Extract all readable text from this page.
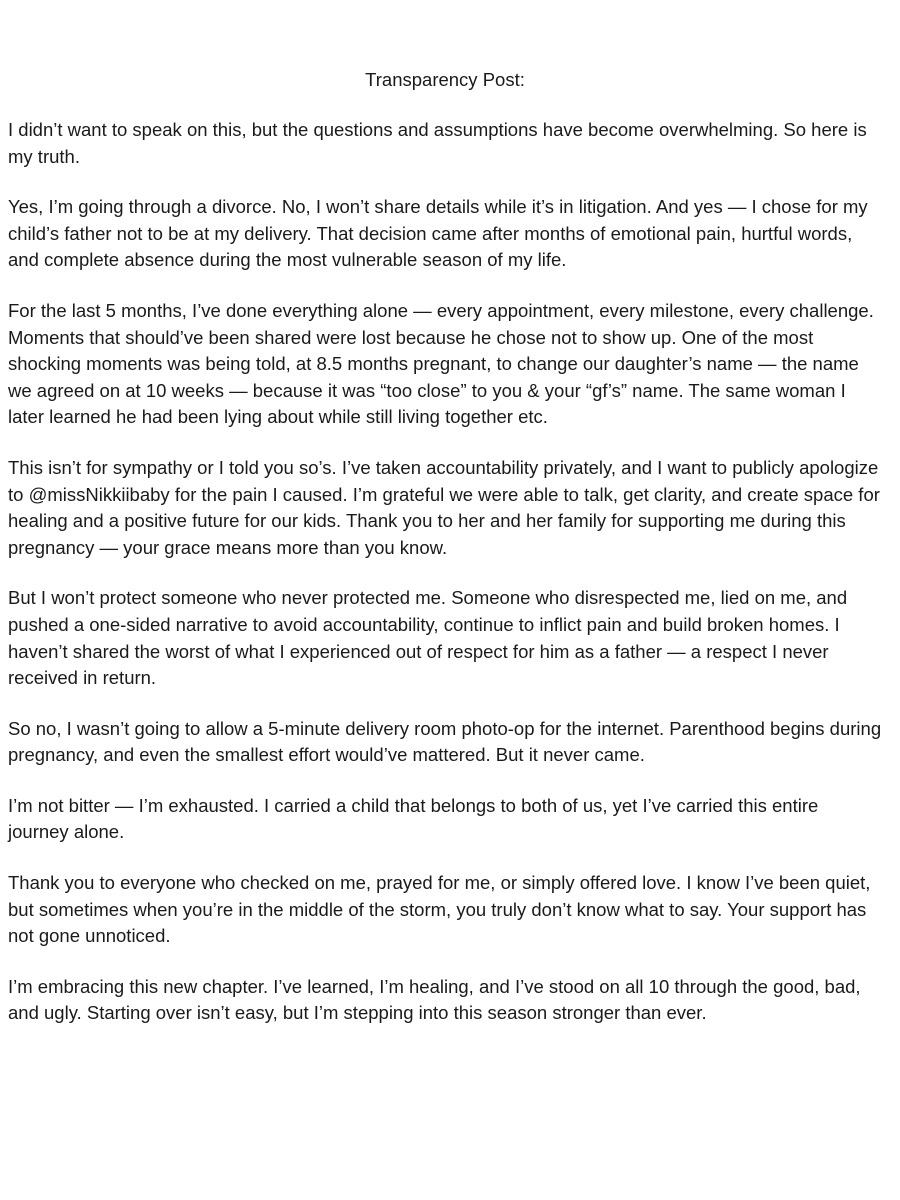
Transparency Post:

I didn’t want to speak on this, but the questions and assumptions have become overwhelming. So here is my truth.

Yes, I’m going through a divorce. No, I won’t share details while it’s in litigation. And yes — I chose for my child’s father not to be at my delivery. That decision came after months of emotional pain, hurtful words, and complete absence during the most vulnerable season of my life.

For the last 5 months, I’ve done everything alone — every appointment, every milestone, every challenge. Moments that should’ve been shared were lost because he chose not to show up. One of the most shocking moments was being told, at 8.5 months pregnant, to change our daughter’s name — the name we agreed on at 10 weeks — because it was “too close” to you & your “gf’s” name. The same woman I later learned he had been lying about while still living together etc.

This isn’t for sympathy or I told you so’s. I’ve taken accountability privately, and I want to publicly apologize to @missNikkiibaby for the pain I caused. I’m grateful we were able to talk, get clarity, and create space for healing and a positive future for our kids. Thank you to her and her family for supporting me during this pregnancy — your grace means more than you know.

But I won’t protect someone who never protected me. Someone who disrespected me, lied on me, and pushed a one-sided narrative to avoid accountability, continue to inflict pain and build broken homes. I haven’t shared the worst of what I experienced out of respect for him as a father — a respect I never received in return.

So no, I wasn’t going to allow a 5-minute delivery room photo-op for the internet. Parenthood begins during pregnancy, and even the smallest effort would’ve mattered. But it never came.

I’m not bitter — I’m exhausted. I carried a child that belongs to both of us, yet I’ve carried this entire journey alone.

Thank you to everyone who checked on me, prayed for me, or simply offered love. I know I’ve been quiet, but sometimes when you’re in the middle of the storm, you truly don’t know what to say. Your support has not gone unnoticed.

I’m embracing this new chapter. I’ve learned, I’m healing, and I’ve stood on all 10 through the good, bad, and ugly. Starting over isn’t easy, but I’m stepping into this season stronger than ever.
